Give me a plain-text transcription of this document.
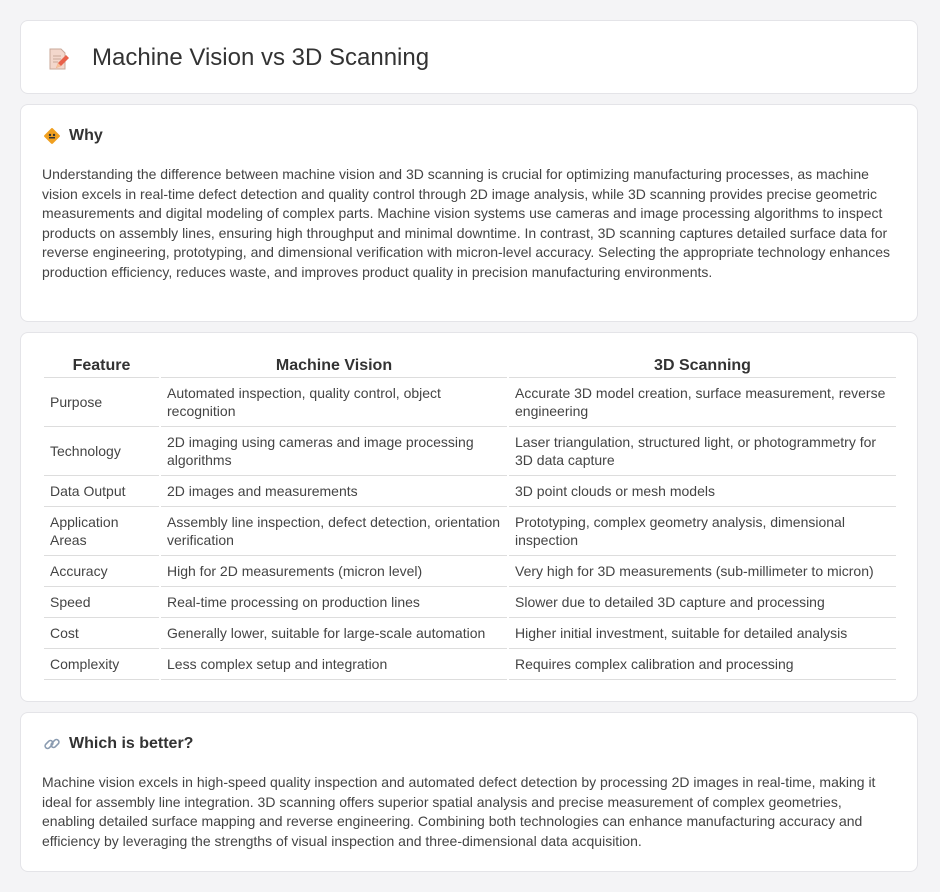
Machine Vision vs 3D Scanning
Why

Understanding the difference between machine vision and 3D scanning is crucial for optimizing manufacturing processes, as machine vision excels in real-time defect detection and quality control through 2D image analysis, while 3D scanning provides precise geometric measurements and digital modeling of complex parts. Machine vision systems use cameras and image processing algorithms to inspect products on assembly lines, ensuring high throughput and minimal downtime. In contrast, 3D scanning captures detailed surface data for reverse engineering, prototyping, and dimensional verification with micron-level accuracy. Selecting the appropriate technology enhances production efficiency, reduces waste, and improves product quality in precision manufacturing environments.

Feature	Machine Vision	3D Scanning
Purpose	Automated inspection, quality control, object recognition	Accurate 3D model creation, surface measurement, reverse engineering
Technology	2D imaging using cameras and image processing algorithms	Laser triangulation, structured light, or photogrammetry for 3D data capture
Data Output	2D images and measurements	3D point clouds or mesh models
Application Areas	Assembly line inspection, defect detection, orientation verification	Prototyping, complex geometry analysis, dimensional inspection
Accuracy	High for 2D measurements (micron level)	Very high for 3D measurements (sub-millimeter to micron)
Speed	Real-time processing on production lines	Slower due to detailed 3D capture and processing
Cost	Generally lower, suitable for large-scale automation	Higher initial investment, suitable for detailed analysis
Complexity	Less complex setup and integration	Requires complex calibration and processing
Which is better?

Machine vision excels in high-speed quality inspection and automated defect detection by processing 2D images in real-time, making it ideal for assembly line integration. 3D scanning offers superior spatial analysis and precise measurement of complex geometries, enabling detailed surface mapping and reverse engineering. Combining both technologies can enhance manufacturing accuracy and efficiency by leveraging the strengths of visual inspection and three-dimensional data acquisition.
